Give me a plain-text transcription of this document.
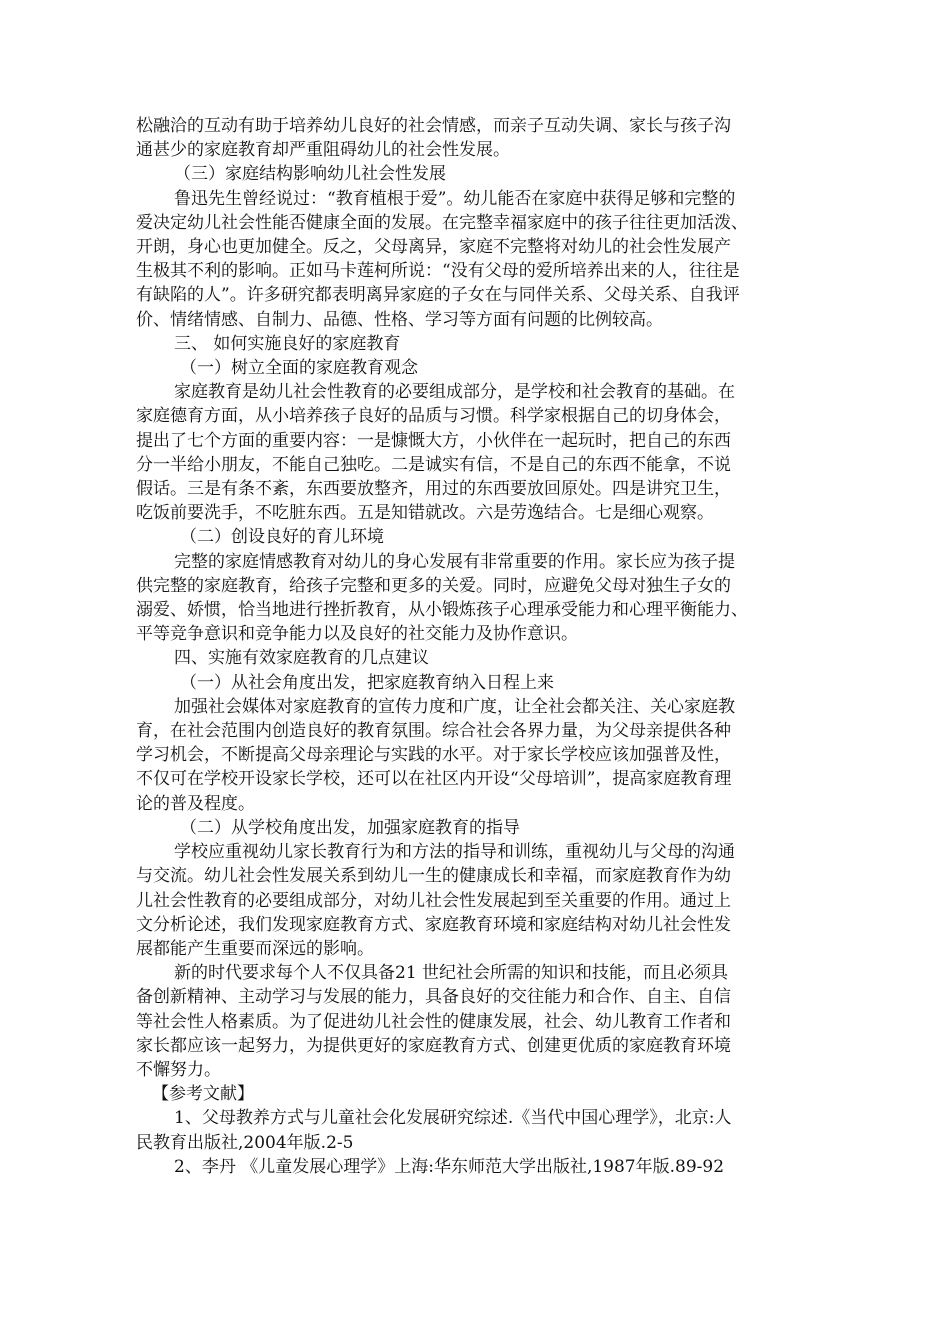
松融洽的互动有助于培养幼儿良好的社会情感，而亲子互动失调、家长与孩子沟

通甚少的家庭教育却严重阻碍幼儿的社会性发展。

（三）家庭结构影响幼儿社会性发展

鲁迅先生曾经说过：“教育植根于爱”。幼儿能否在家庭中获得足够和完整的

爱决定幼儿社会性能否健康全面的发展。在完整幸福家庭中的孩子往往更加活泼、

开朗，身心也更加健全。反之，父母离异，家庭不完整将对幼儿的社会性发展产

生极其不利的影响。正如马卡莲柯所说：“没有父母的爱所培养出来的人，往往是

有缺陷的人”。许多研究都表明离异家庭的子女在与同伴关系、父母关系、自我评

价、情绪情感、自制力、品德、性格、学习等方面有问题的比例较高。

三、 如何实施良好的家庭教育

（一）树立全面的家庭教育观念

家庭教育是幼儿社会性教育的必要组成部分，是学校和社会教育的基础。在

家庭德育方面，从小培养孩子良好的品质与习惯。科学家根据自己的切身体会，

提出了七个方面的重要内容：一是慷慨大方，小伙伴在一起玩时，把自己的东西

分一半给小朋友，不能自己独吃。二是诚实有信，不是自己的东西不能拿，不说

假话。三是有条不紊，东西要放整齐，用过的东西要放回原处。四是讲究卫生，

吃饭前要洗手，不吃脏东西。五是知错就改。六是劳逸结合。七是细心观察。

（二）创设良好的育儿环境

完整的家庭情感教育对幼儿的身心发展有非常重要的作用。家长应为孩子提

供完整的家庭教育，给孩子完整和更多的关爱。同时，应避免父母对独生子女的

溺爱、娇惯，恰当地进行挫折教育，从小锻炼孩子心理承受能力和心理平衡能力、

平等竞争意识和竞争能力以及良好的社交能力及协作意识。

四、实施有效家庭教育的几点建议

（一）从社会角度出发，把家庭教育纳入日程上来

加强社会媒体对家庭教育的宣传力度和广度，让全社会都关注、关心家庭教

育，在社会范围内创造良好的教育氛围。综合社会各界力量，为父母亲提供各种

学习机会，不断提高父母亲理论与实践的水平。对于家长学校应该加强普及性，

不仅可在学校开设家长学校，还可以在社区内开设“父母培训”，提高家庭教育理

论的普及程度。

（二）从学校角度出发，加强家庭教育的指导

学校应重视幼儿家长教育行为和方法的指导和训练，重视幼儿与父母的沟通

与交流。幼儿社会性发展关系到幼儿一生的健康成长和幸福，而家庭教育作为幼

儿社会性教育的必要组成部分，对幼儿社会性发展起到至关重要的作用。通过上

文分析论述，我们发现家庭教育方式、家庭教育环境和家庭结构对幼儿社会性发

展都能产生重要而深远的影响。

新的时代要求每个人不仅具备21 世纪社会所需的知识和技能，而且必须具

备创新精神、主动学习与发展的能力，具备良好的交往能力和合作、自主、自信

等社会性人格素质。为了促进幼儿社会性的健康发展，社会、幼儿教育工作者和

家长都应该一起努力，为提供更好的家庭教育方式、创建更优质的家庭教育环境

不懈努力。

【参考文献】

1、父母教养方式与儿童社会化发展研究综述.《当代中国心理学》，北京:人

民教育出版社,2004年版.2-5

2、李丹 《儿童发展心理学》上海:华东师范大学出版社,1987年版.89-92
